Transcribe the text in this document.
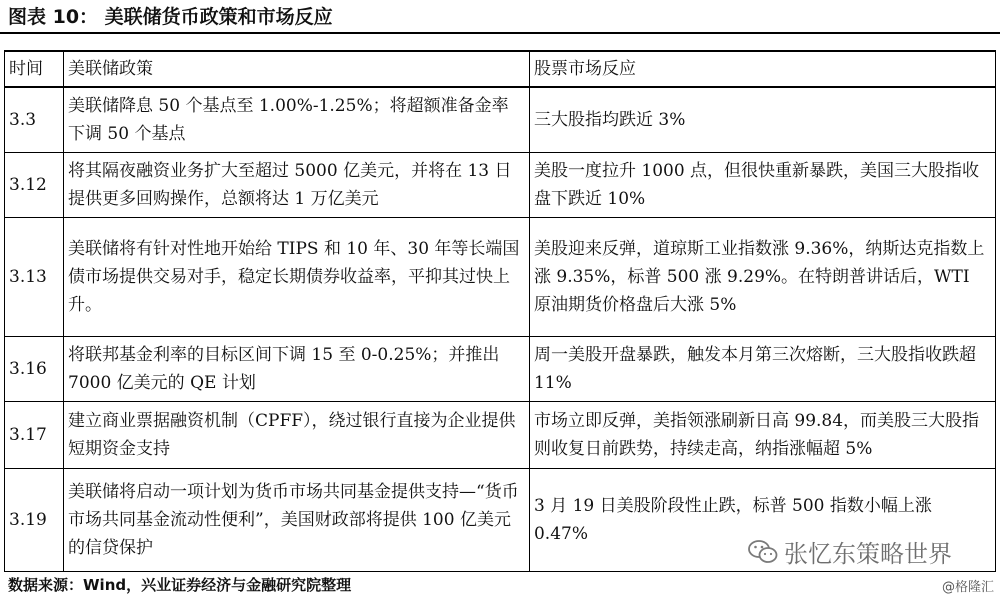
图表 10： 美联储货币政策和市场反应
时间	美联储政策	股票市场反应
3.3	美联储降息 50 个基点至 1.00%-1.25%；将超额准备金率下调 50 个基点	三大股指均跌近 3%
3.12	将其隔夜融资业务扩大至超过 5000 亿美元，并将在 13 日提供更多回购操作，总额将达 1 万亿美元	美股一度拉升 1000 点，但很快重新暴跌，美国三大股指收盘下跌近 10%
3.13	美联储将有针对性地开始给 TIPS 和 10 年、30 年等长端国债市场提供交易对手，稳定长期债券收益率，平抑其过快上升。	美股迎来反弹，道琼斯工业指数涨 9.36%，纳斯达克指数上涨 9.35%，标普 500 涨 9.29%。在特朗普讲话后，WTI 原油期货价格盘后大涨 5%
3.16	将联邦基金利率的目标区间下调 15 至 0-0.25%；并推出 7000 亿美元的 QE 计划	周一美股开盘暴跌，触发本月第三次熔断，三大股指收跌超 11%
3.17	建立商业票据融资机制（CPFF），绕过银行直接为企业提供短期资金支持	市场立即反弹，美指领涨刷新日高 99.84，而美股三大股指则收复日前跌势，持续走高，纳指涨幅超 5%
3.19	美联储将启动一项计划为货币市场共同基金提供支持—“货币市场共同基金流动性便利”，美国财政部将提供 100 亿美元的信贷保护	3 月 19 日美股阶段性止跌，标普 500 指数小幅上涨 0.47%
张忆东策略世界
数据来源：Wind，兴业证券经济与金融研究院整理	@格隆汇
